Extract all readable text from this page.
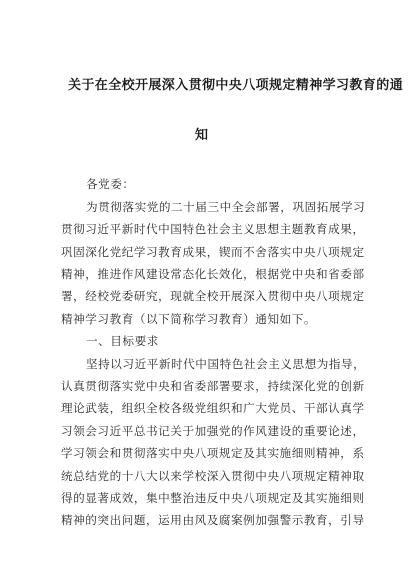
关于在全校开展深入贯彻中央八项规定精神学习教育的通
知
各党委：
为贯彻落实党的二十届三中全会部署，巩固拓展学习
贯彻习近平新时代中国特色社会主义思想主题教育成果，
巩固深化党纪学习教育成果，锲而不舍落实中央八项规定
精神，推进作风建设常态化长效化，根据党中央和省委部
署，经校党委研究，现就全校开展深入贯彻中央八项规定
精神学习教育（以下简称学习教育）通知如下。
一、目标要求
坚持以习近平新时代中国特色社会主义思想为指导，
认真贯彻落实党中央和省委部署要求，持续深化党的创新
理论武装，组织全校各级党组织和广大党员、干部认真学
习领会习近平总书记关于加强党的作风建设的重要论述，
学习领会和贯彻落实中央八项规定及其实施细则精神，系
统总结党的十八大以来学校深入贯彻中央八项规定精神取
得的显著成效，集中整治违反中央八项规定及其实施细则
精神的突出问题，运用由风及腐案例加强警示教育，引导
